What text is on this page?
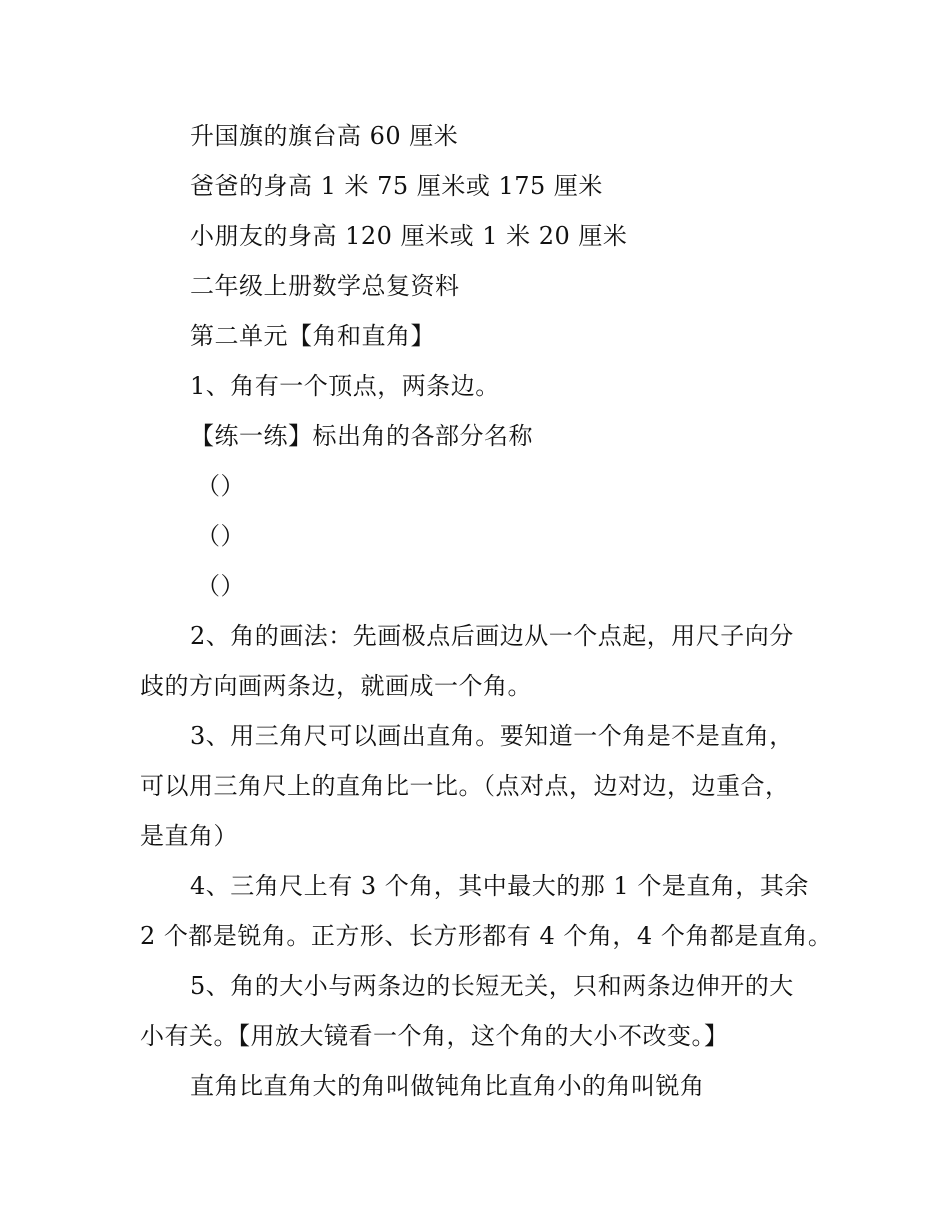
升国旗的旗台高 60 厘米
爸爸的身高 1 米 75 厘米或 175 厘米
小朋友的身高 120 厘米或 1 米 20 厘米
二年级上册数学总复资料
第二单元【角和直角】
1、角有一个顶点，两条边。
【练一练】标出角的各部分名称
（）
（）
（）
2、角的画法：先画极点后画边从一个点起，用尺子向分
歧的方向画两条边，就画成一个角。
3、用三角尺可以画出直角。要知道一个角是不是直角，
可以用三角尺上的直角比一比。（点对点，边对边，边重合，
是直角）
4、三角尺上有 3 个角，其中最大的那 1 个是直角，其余
2 个都是锐角。正方形、长方形都有 4 个角，4 个角都是直角。
5、角的大小与两条边的长短无关，只和两条边伸开的大
小有关。【用放大镜看一个角，这个角的大小不改变。】
直角比直角大的角叫做钝角比直角小的角叫锐角
